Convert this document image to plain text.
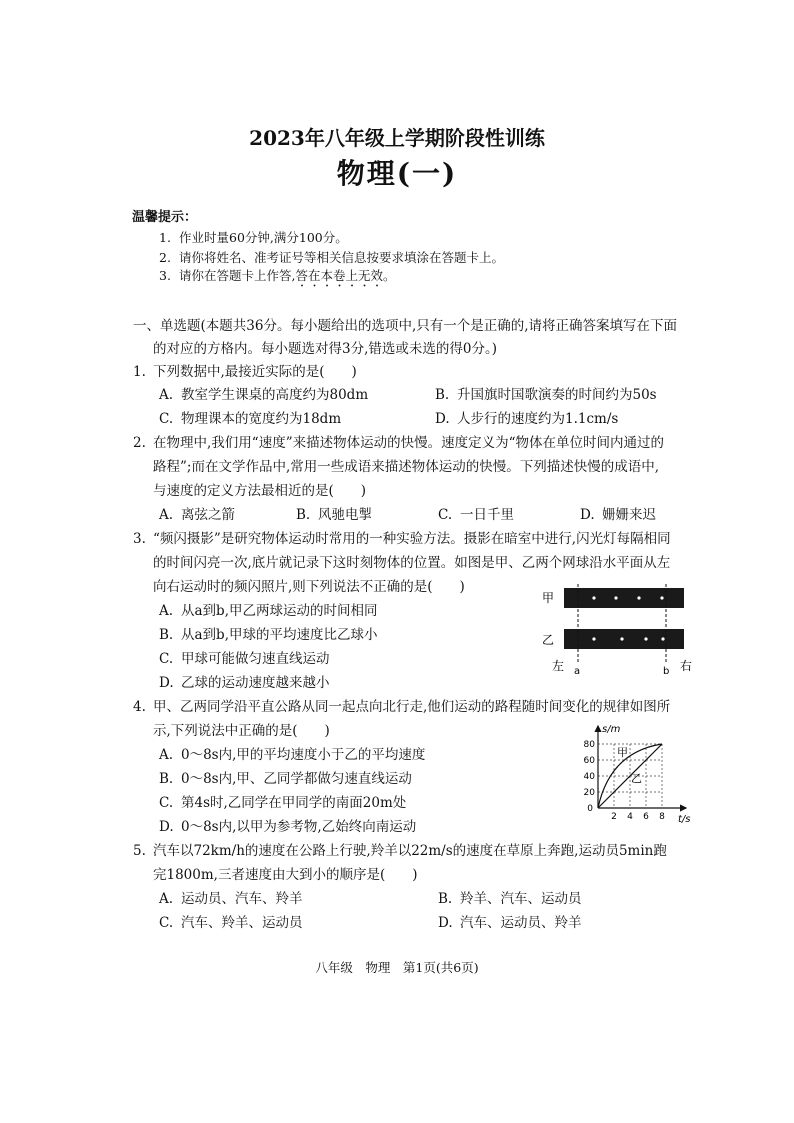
2023年八年级上学期阶段性训练
物理(一)
温馨提示：
1. 作业时量60分钟,满分100分。
2. 请你将姓名、准考证号等相关信息按要求填涂在答题卡上。
3. 请你在答题卡上作答,答在本卷上无效。
一、单选题(本题共36分。每小题给出的选项中,只有一个是正确的,请将正确答案填写在下面
的对应的方格内。每小题选对得3分,错选或未选的得0分。)
1. 下列数据中,最接近实际的是(　　)
A. 教室学生课桌的高度约为80dm	B. 升国旗时国歌演奏的时间约为50s
C. 物理课本的宽度约为18dm	D. 人步行的速度约为1.1cm/s
2. 在物理中,我们用“速度”来描述物体运动的快慢。速度定义为“物体在单位时间内通过的
路程”;而在文学作品中,常用一些成语来描述物体运动的快慢。下列描述快慢的成语中,
与速度的定义方法最相近的是(　　)
A. 离弦之箭	B. 风驰电掣	C. 一日千里	D. 姗姗来迟
3. “频闪摄影”是研究物体运动时常用的一种实验方法。摄影在暗室中进行,闪光灯每隔相同
的时间闪亮一次,底片就记录下这时刻物体的位置。如图是甲、乙两个网球沿水平面从左
向右运动时的频闪照片,则下列说法不正确的是(　　)
A. 从a到b,甲乙两球运动的时间相同
B. 从a到b,甲球的平均速度比乙球小
C. 甲球可能做匀速直线运动
D. 乙球的运动速度越来越小
甲
乙
左 a	b 右
4. 甲、乙两同学沿平直公路从同一起点向北行走,他们运动的路程随时间变化的规律如图所
示,下列说法中正确的是(　　)
A. 0～8s内,甲的平均速度小于乙的平均速度
B. 0～8s内,甲、乙同学都做匀速直线运动
C. 第4s时,乙同学在甲同学的南面20m处
D. 0～8s内,以甲为参考物,乙始终向南运动
s/m
t/s
0
20
40
60
80
2 4 6 8
甲
乙
5. 汽车以72km/h的速度在公路上行驶,羚羊以22m/s的速度在草原上奔跑,运动员5min跑
完1800m,三者速度由大到小的顺序是(　　)
A. 运动员、汽车、羚羊	B. 羚羊、汽车、运动员
C. 汽车、羚羊、运动员	D. 汽车、运动员、羚羊
八年级　物理　第1页(共6页)
